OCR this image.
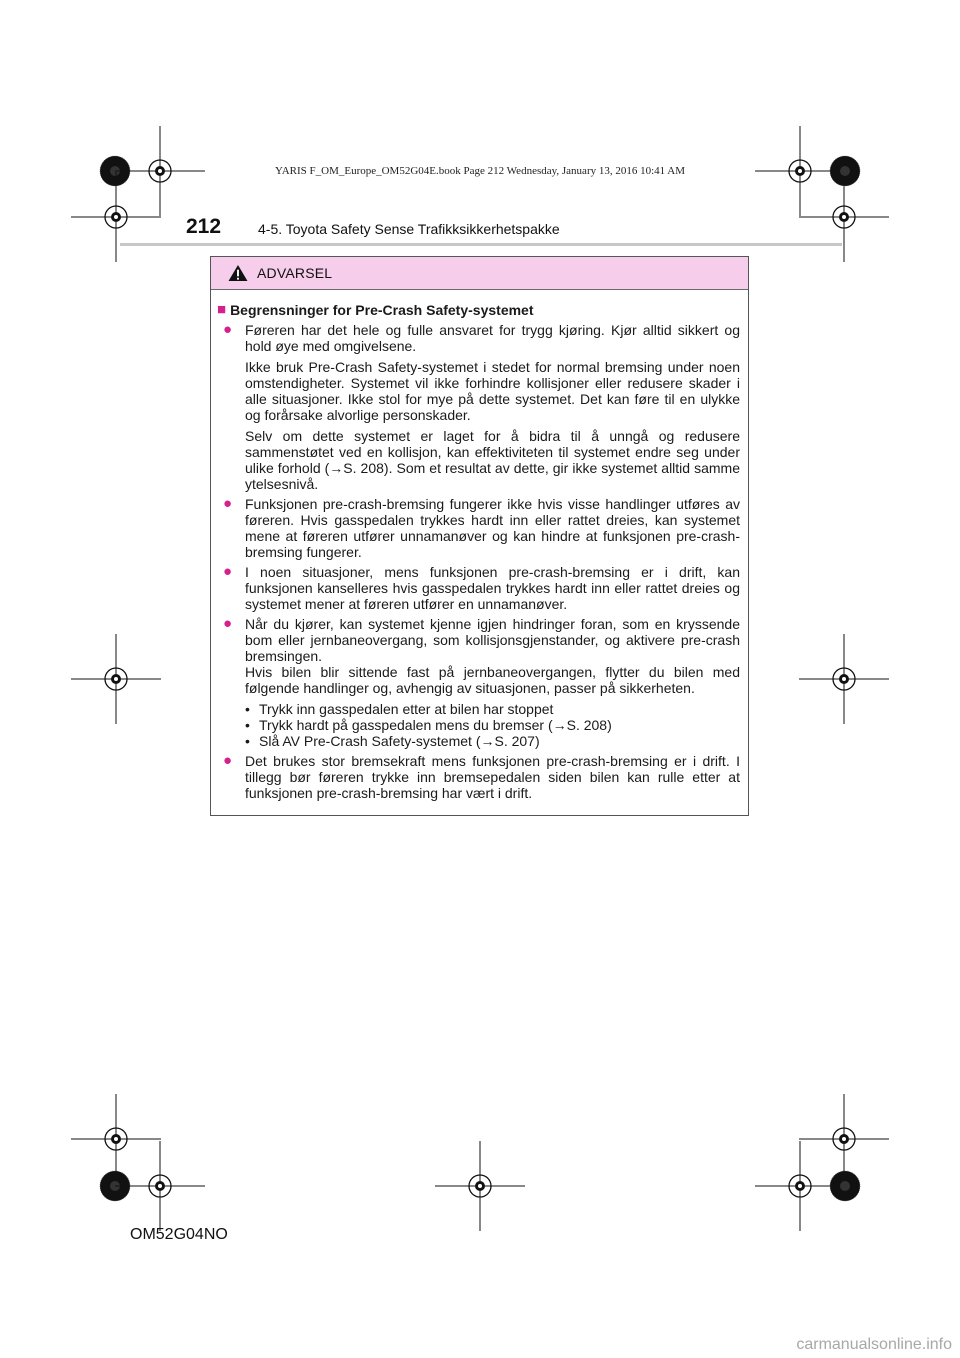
YARIS F_OM_Europe_OM52G04E.book Page 212 Wednesday, January 13, 2016 10:41 AM
212	4-5. Toyota Safety Sense Trafikksikkerhetspakke
ADVARSEL
■ Begrensninger for Pre-Crash Safety-systemet
● Føreren har det hele og fulle ansvaret for trygg kjøring. Kjør alltid sikkert og hold øye med omgivelsene.

Ikke bruk Pre-Crash Safety-systemet i stedet for normal bremsing under noen omstendigheter. Systemet vil ikke forhindre kollisjoner eller redusere skader i alle situasjoner. Ikke stol for mye på dette systemet. Det kan føre til en ulykke og forårsake alvorlige personskader.

Selv om dette systemet er laget for å bidra til å unngå og redusere sammenstøtet ved en kollisjon, kan effektiviteten til systemet endre seg under ulike forhold (→S. 208). Som et resultat av dette, gir ikke systemet alltid samme ytelsesnivå.

● Funksjonen pre-crash-bremsing fungerer ikke hvis visse handlinger utføres av føreren. Hvis gasspedalen trykkes hardt inn eller rattet dreies, kan systemet mene at føreren utfører unnamanøver og kan hindre at funksjonen pre-crash-bremsing fungerer.

● I noen situasjoner, mens funksjonen pre-crash-bremsing er i drift, kan funksjonen kanselleres hvis gasspedalen trykkes hardt inn eller rattet dreies og systemet mener at føreren utfører en unnamanøver.

● Når du kjører, kan systemet kjenne igjen hindringer foran, som en kryssende bom eller jernbaneovergang, som kollisjonsgjenstander, og aktivere pre-crash bremsingen.

Hvis bilen blir sittende fast på jernbaneovergangen, flytter du bilen med følgende handlinger og, avhengig av situasjonen, passer på sikkerheten.

• Trykk inn gasspedalen etter at bilen har stoppet
• Trykk hardt på gasspedalen mens du bremser (→S. 208)
• Slå AV Pre-Crash Safety-systemet (→S. 207)
● Det brukes stor bremsekraft mens funksjonen pre-crash-bremsing er i drift. I tillegg bør føreren trykke inn bremsepedalen siden bilen kan rulle etter at funksjonen pre-crash-bremsing har vært i drift.

OM52G04NO
carmanualsonline.info
